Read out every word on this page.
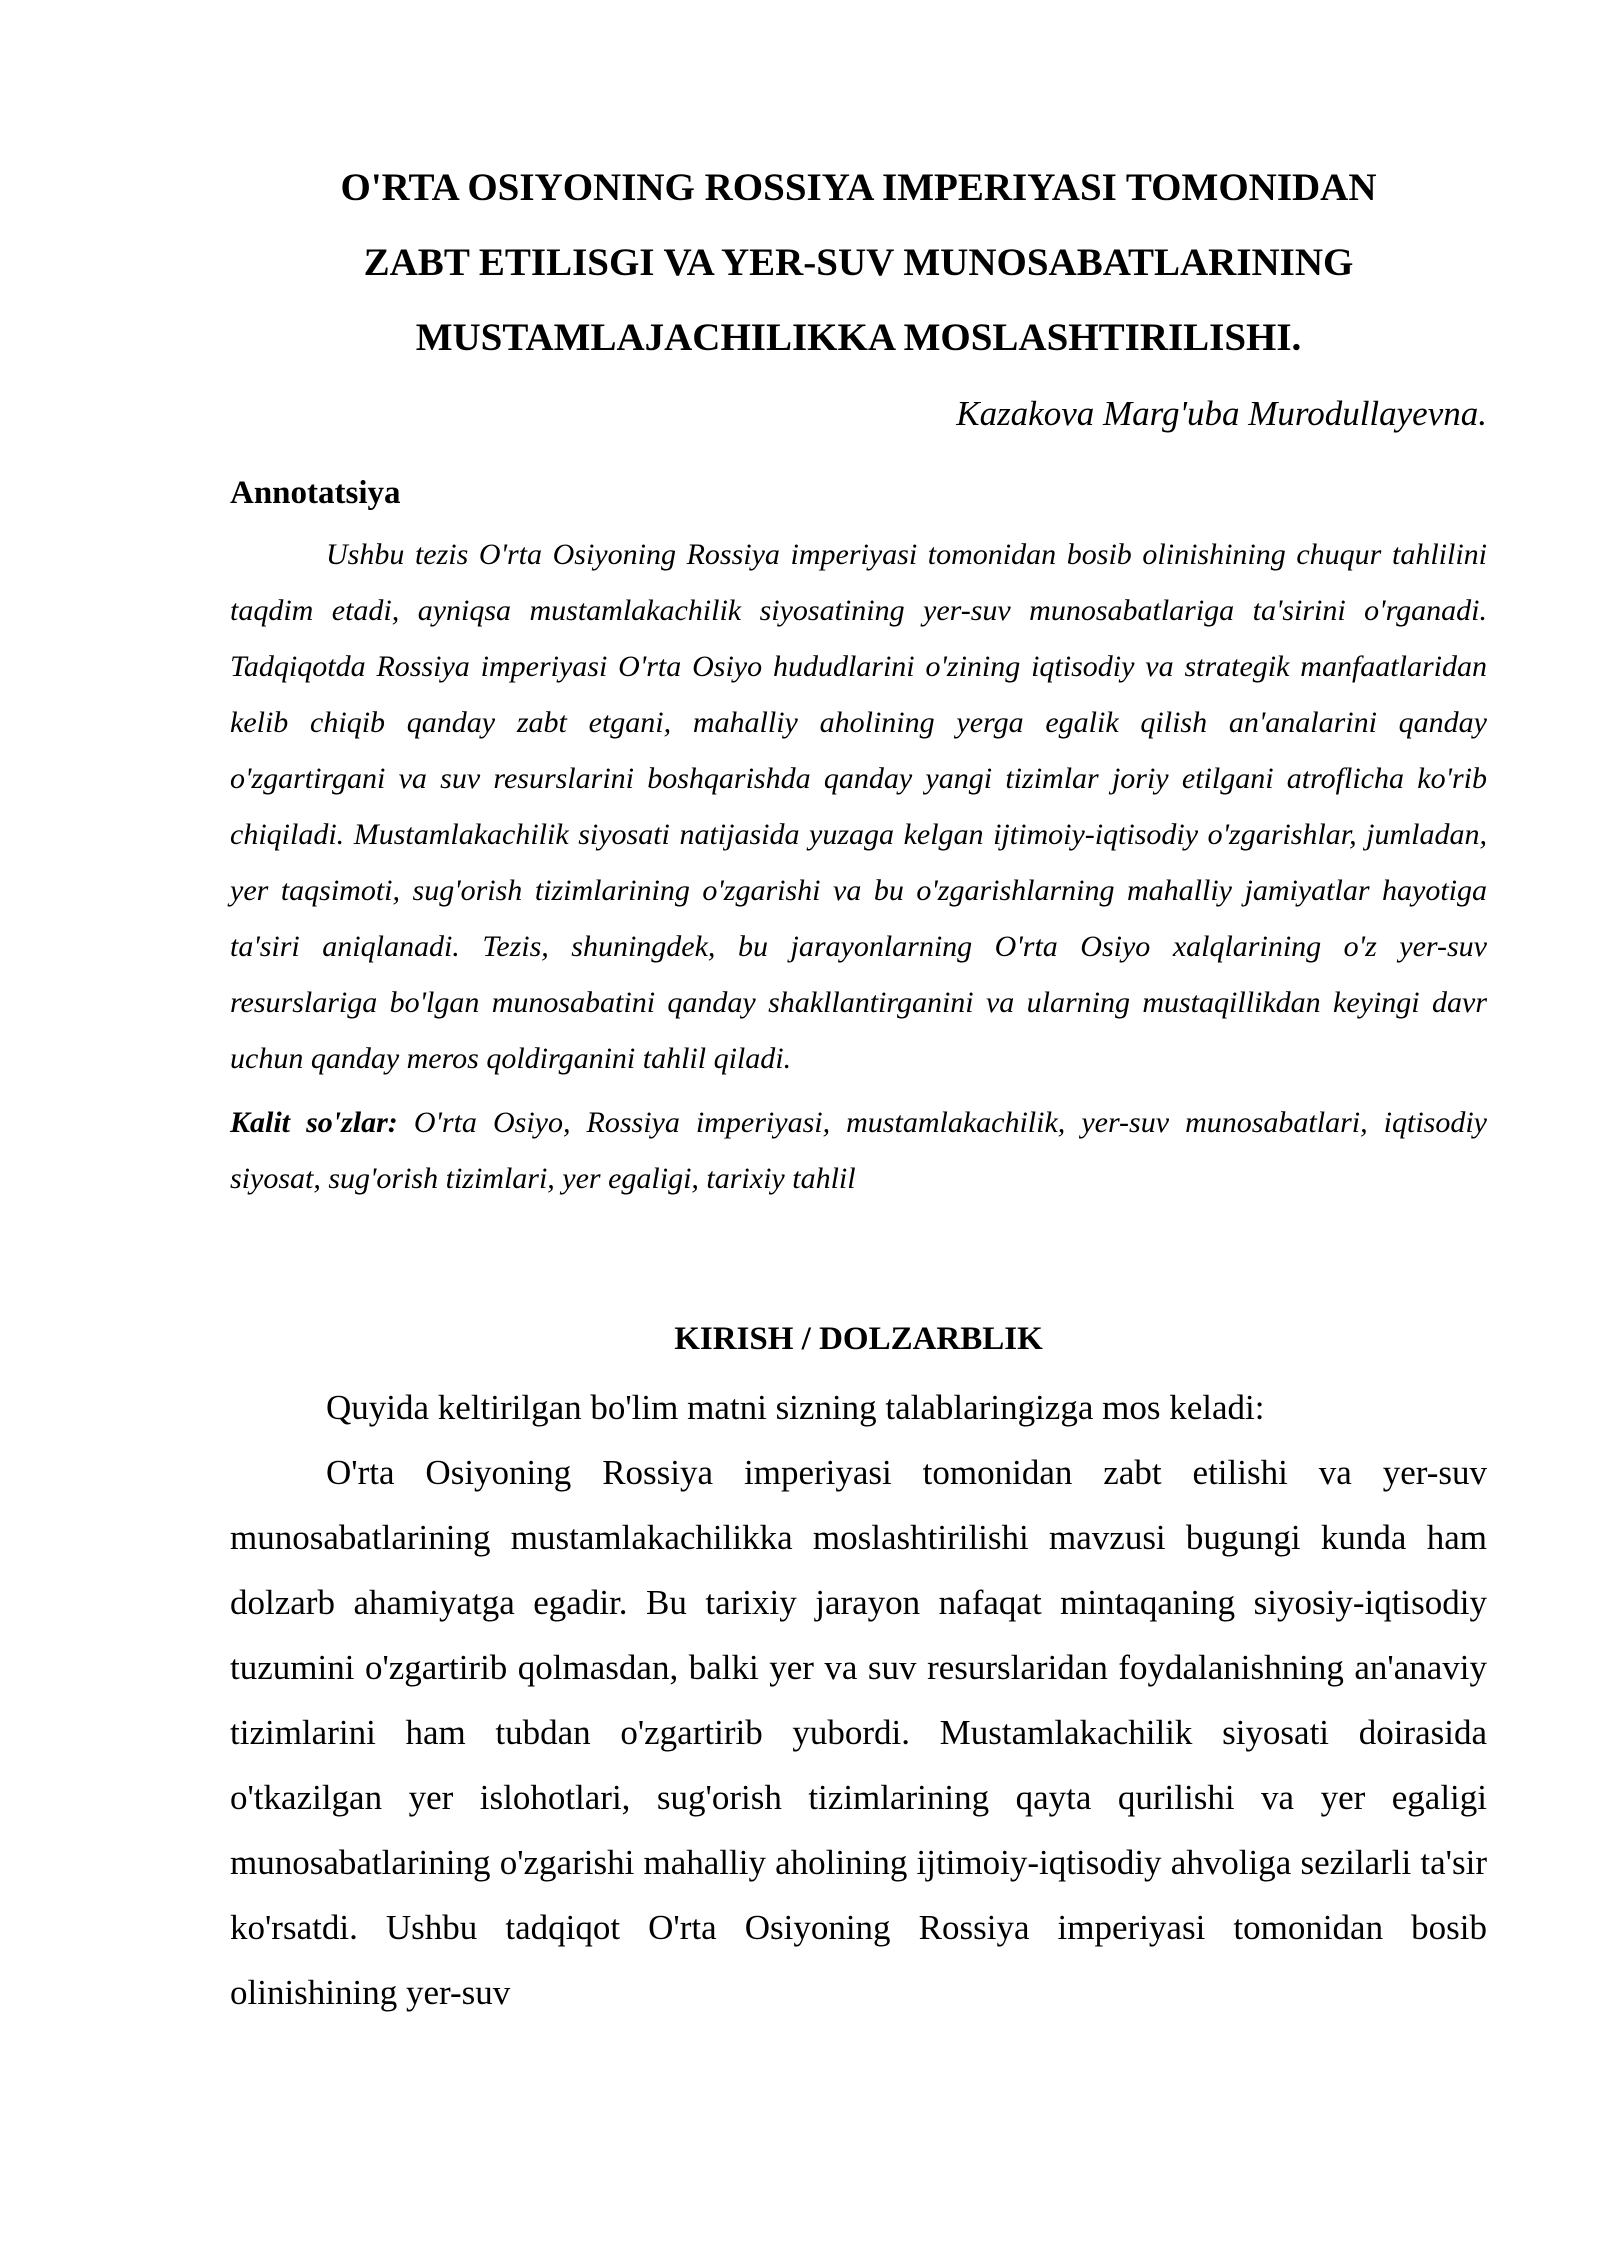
O'RTA OSIYONING ROSSIYA IMPERIYASI TOMONIDAN
ZABT ETILISGI VA YER-SUV MUNOSABATLARINING
MUSTAMLAJACHILIKKA MOSLASHTIRILISHI.

Kazakova Marg'uba Murodullayevna.

Annotatsiya

Ushbu tezis O'rta Osiyoning Rossiya imperiyasi tomonidan bosib olinishining chuqur tahlilini taqdim etadi, ayniqsa mustamlakachilik siyosatining yer-suv munosabatlariga ta'sirini o'rganadi. Tadqiqotda Rossiya imperiyasi O'rta Osiyo hududlarini o'zining iqtisodiy va strategik manfaatlaridan kelib chiqib qanday zabt etgani, mahalliy aholining yerga egalik qilish an'analarini qanday o'zgartirgani va suv resurslarini boshqarishda qanday yangi tizimlar joriy etilgani atroflicha ko'rib chiqiladi. Mustamlakachilik siyosati natijasida yuzaga kelgan ijtimoiy-iqtisodiy o'zgarishlar, jumladan, yer taqsimoti, sug'orish tizimlarining o'zgarishi va bu o'zgarishlarning mahalliy jamiyatlar hayotiga ta'siri aniqlanadi. Tezis, shuningdek, bu jarayonlarning O'rta Osiyo xalqlarining o'z yer-suv resurslariga bo'lgan munosabatini qanday shakllantirganini va ularning mustaqillikdan keyingi davr uchun qanday meros qoldirganini tahlil qiladi.

Kalit so'zlar: O'rta Osiyo, Rossiya imperiyasi, mustamlakachilik, yer-suv munosabatlari, iqtisodiy siyosat, sug'orish tizimlari, yer egaligi, tarixiy tahlil

KIRISH / DOLZARBLIK

Quyida keltirilgan bo'lim matni sizning talablaringizga mos keladi:

O'rta Osiyoning Rossiya imperiyasi tomonidan zabt etilishi va yer-suv munosabatlarining mustamlakachilikka moslashtirilishi mavzusi bugungi kunda ham dolzarb ahamiyatga egadir. Bu tarixiy jarayon nafaqat mintaqaning siyosiy-iqtisodiy tuzumini o'zgartirib qolmasdan, balki yer va suv resurslaridan foydalanishning an'anaviy tizimlarini ham tubdan o'zgartirib yubordi. Mustamlakachilik siyosati doirasida o'tkazilgan yer islohotlari, sug'orish tizimlarining qayta qurilishi va yer egaligi munosabatlarining o'zgarishi mahalliy aholining ijtimoiy-iqtisodiy ahvoliga sezilarli ta'sir ko'rsatdi. Ushbu tadqiqot O'rta Osiyoning Rossiya imperiyasi tomonidan bosib olinishining yer-suv
